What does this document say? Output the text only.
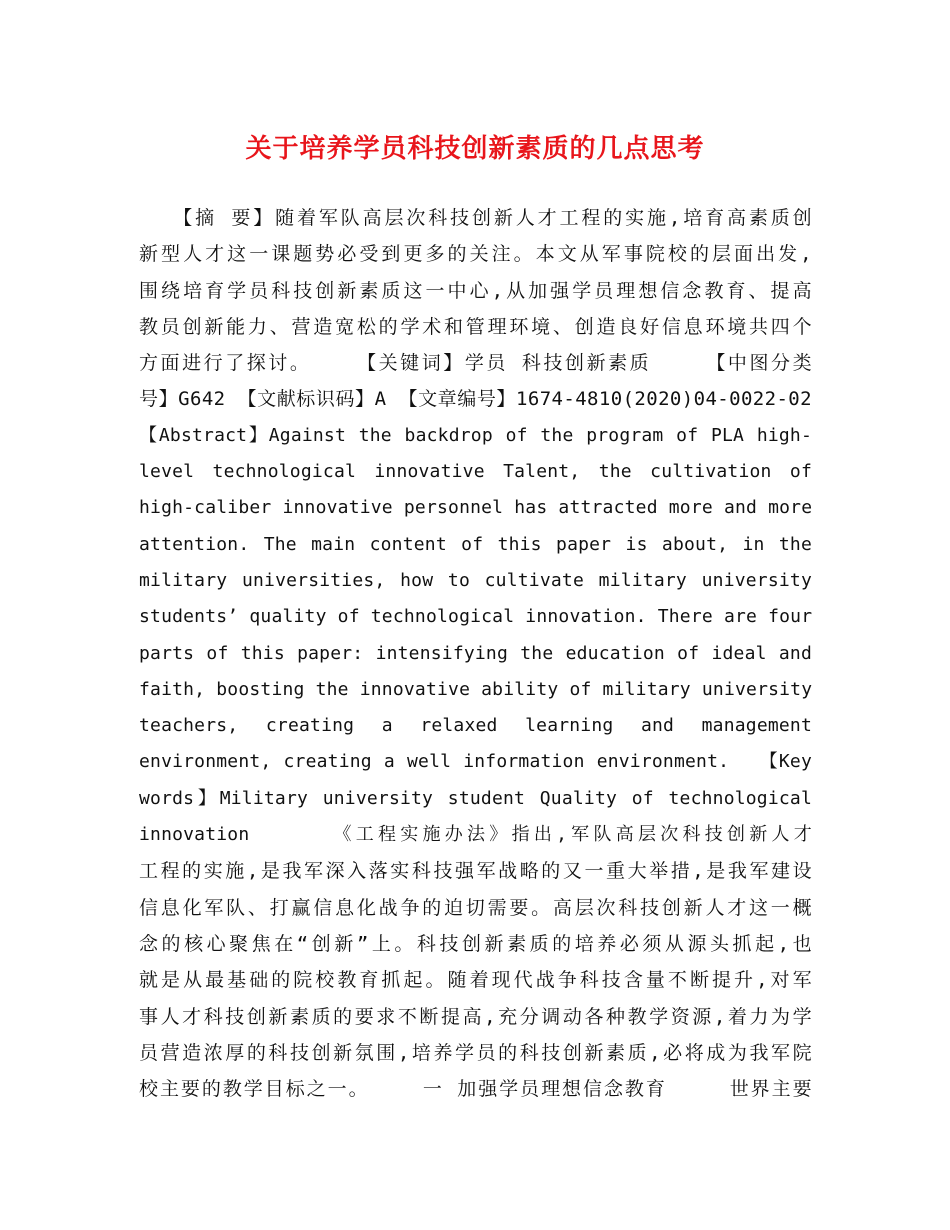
关于培养学员科技创新素质的几点思考
　　【摘 要】随着军队高层次科技创新人才工程的实施,培育高素质创
新型人才这一课题势必受到更多的关注。本文从军事院校的层面出发,
围绕培育学员科技创新素质这一中心,从加强学员理想信念教育、提高
教员创新能力、营造宽松的学术和管理环境、创造良好信息环境共四个
方面进行了探讨。　　　【关键词】学员 科技创新素质　　　【中图分类
号】G642 【文献标识码】A 【文章编号】1674-4810(2020)04-0022-02
【Abstract】Against the backdrop of the program of PLA high-
level technological innovative Talent, the cultivation of
high-caliber innovative personnel has attracted more and more
attention. The main content of this paper is about, in the
military universities, how to cultivate military university
students’ quality of technological innovation. There are four
parts of this paper: intensifying the education of ideal and
faith, boosting the innovative ability of military university
teachers, creating a relaxed learning and management
environment, creating a well information environment.　　【Key
words】Military university student Quality of technological
innovation　　　　《工程实施办法》指出,军队高层次科技创新人才
工程的实施,是我军深入落实科技强军战略的又一重大举措,是我军建设
信息化军队、打赢信息化战争的迫切需要。高层次科技创新人才这一概
念的核心聚焦在“创新”上。科技创新素质的培养必须从源头抓起,也
就是从最基础的院校教育抓起。随着现代战争科技含量不断提升,对军
事人才科技创新素质的要求不断提高,充分调动各种教学资源,着力为学
员营造浓厚的科技创新氛围,培养学员的科技创新素质,必将成为我军院
校主要的教学目标之一。　　　一 加强学员理想信念教育　　　世界主要
